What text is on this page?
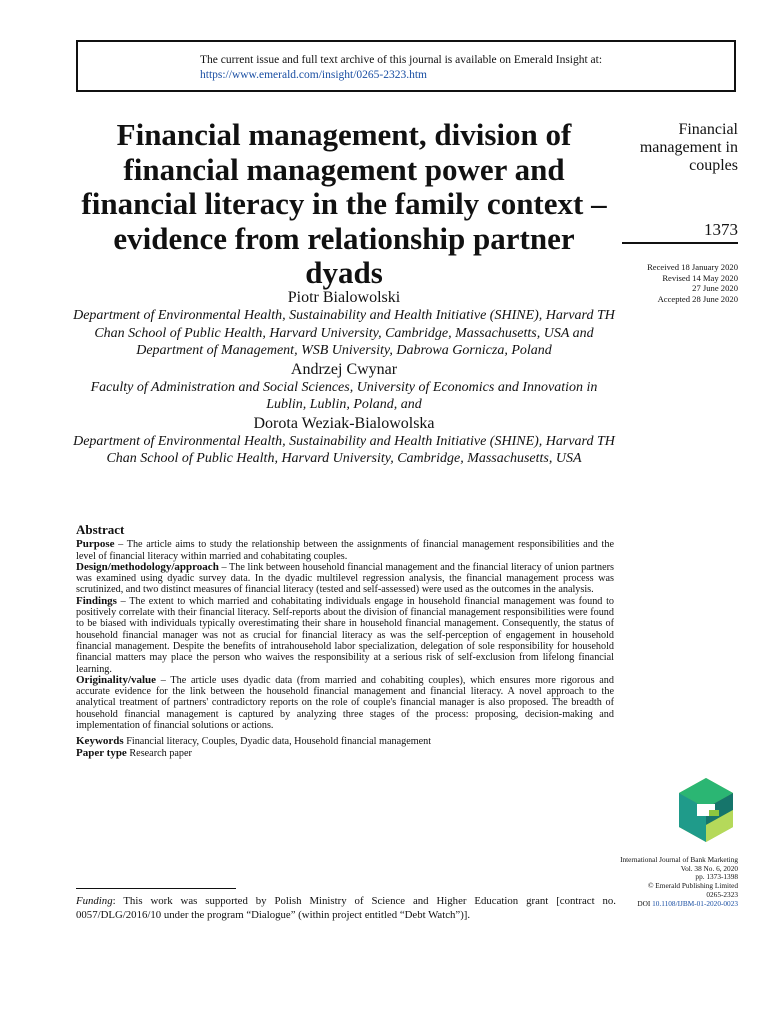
The current issue and full text archive of this journal is available on Emerald Insight at:
https://www.emerald.com/insight/0265-2323.htm
Financial management, division of financial management power and financial literacy in the family context – evidence from relationship partner dyads
Financial management in couples
1373
Received 18 January 2020
Revised 14 May 2020
27 June 2020
Accepted 28 June 2020
Piotr Bialowolski
Department of Environmental Health, Sustainability and Health Initiative (SHINE), Harvard TH Chan School of Public Health, Harvard University, Cambridge, Massachusetts, USA and Department of Management, WSB University, Dabrowa Gornicza, Poland
Andrzej Cwynar
Faculty of Administration and Social Sciences, University of Economics and Innovation in Lublin, Lublin, Poland, and
Dorota Weziak-Bialowolska
Department of Environmental Health, Sustainability and Health Initiative (SHINE), Harvard TH Chan School of Public Health, Harvard University, Cambridge, Massachusetts, USA
Abstract

Purpose – The article aims to study the relationship between the assignments of financial management responsibilities and the level of financial literacy within married and cohabitating couples.

Design/methodology/approach – The link between household financial management and the financial literacy of union partners was examined using dyadic survey data. In the dyadic multilevel regression analysis, the financial management process was scrutinized, and two distinct measures of financial literacy (tested and self-assessed) were used as the outcomes in the analysis.

Findings – The extent to which married and cohabitating individuals engage in household financial management was found to positively correlate with their financial literacy. Self-reports about the division of financial management responsibilities were found to be biased with individuals typically overestimating their share in household financial management. Consequently, the status of household financial manager was not as crucial for financial literacy as was the self-perception of engagement in household financial management. Despite the benefits of intrahousehold labor specialization, delegation of sole responsibility for household financial matters may place the person who waives the responsibility at a serious risk of self-exclusion from lifelong financial learning.

Originality/value – The article uses dyadic data (from married and cohabiting couples), which ensures more rigorous and accurate evidence for the link between the household financial management and financial literacy. A novel approach to the analytical treatment of partners' contradictory reports on the role of couple's financial manager is also proposed. The breadth of household financial management is captured by analyzing three stages of the process: proposing, decision-making and implementation of financial solutions or actions.

Keywords Financial literacy, Couples, Dyadic data, Household financial management

Paper type Research paper

International Journal of Bank Marketing
Vol. 38 No. 6, 2020
pp. 1373-1398
© Emerald Publishing Limited
0265-2323
DOI 10.1108/IJBM-01-2020-0023
Funding: This work was supported by Polish Ministry of Science and Higher Education grant [contract no. 0057/DLG/2016/10 under the program “Dialogue” (within project entitled “Debt Watch”)].
